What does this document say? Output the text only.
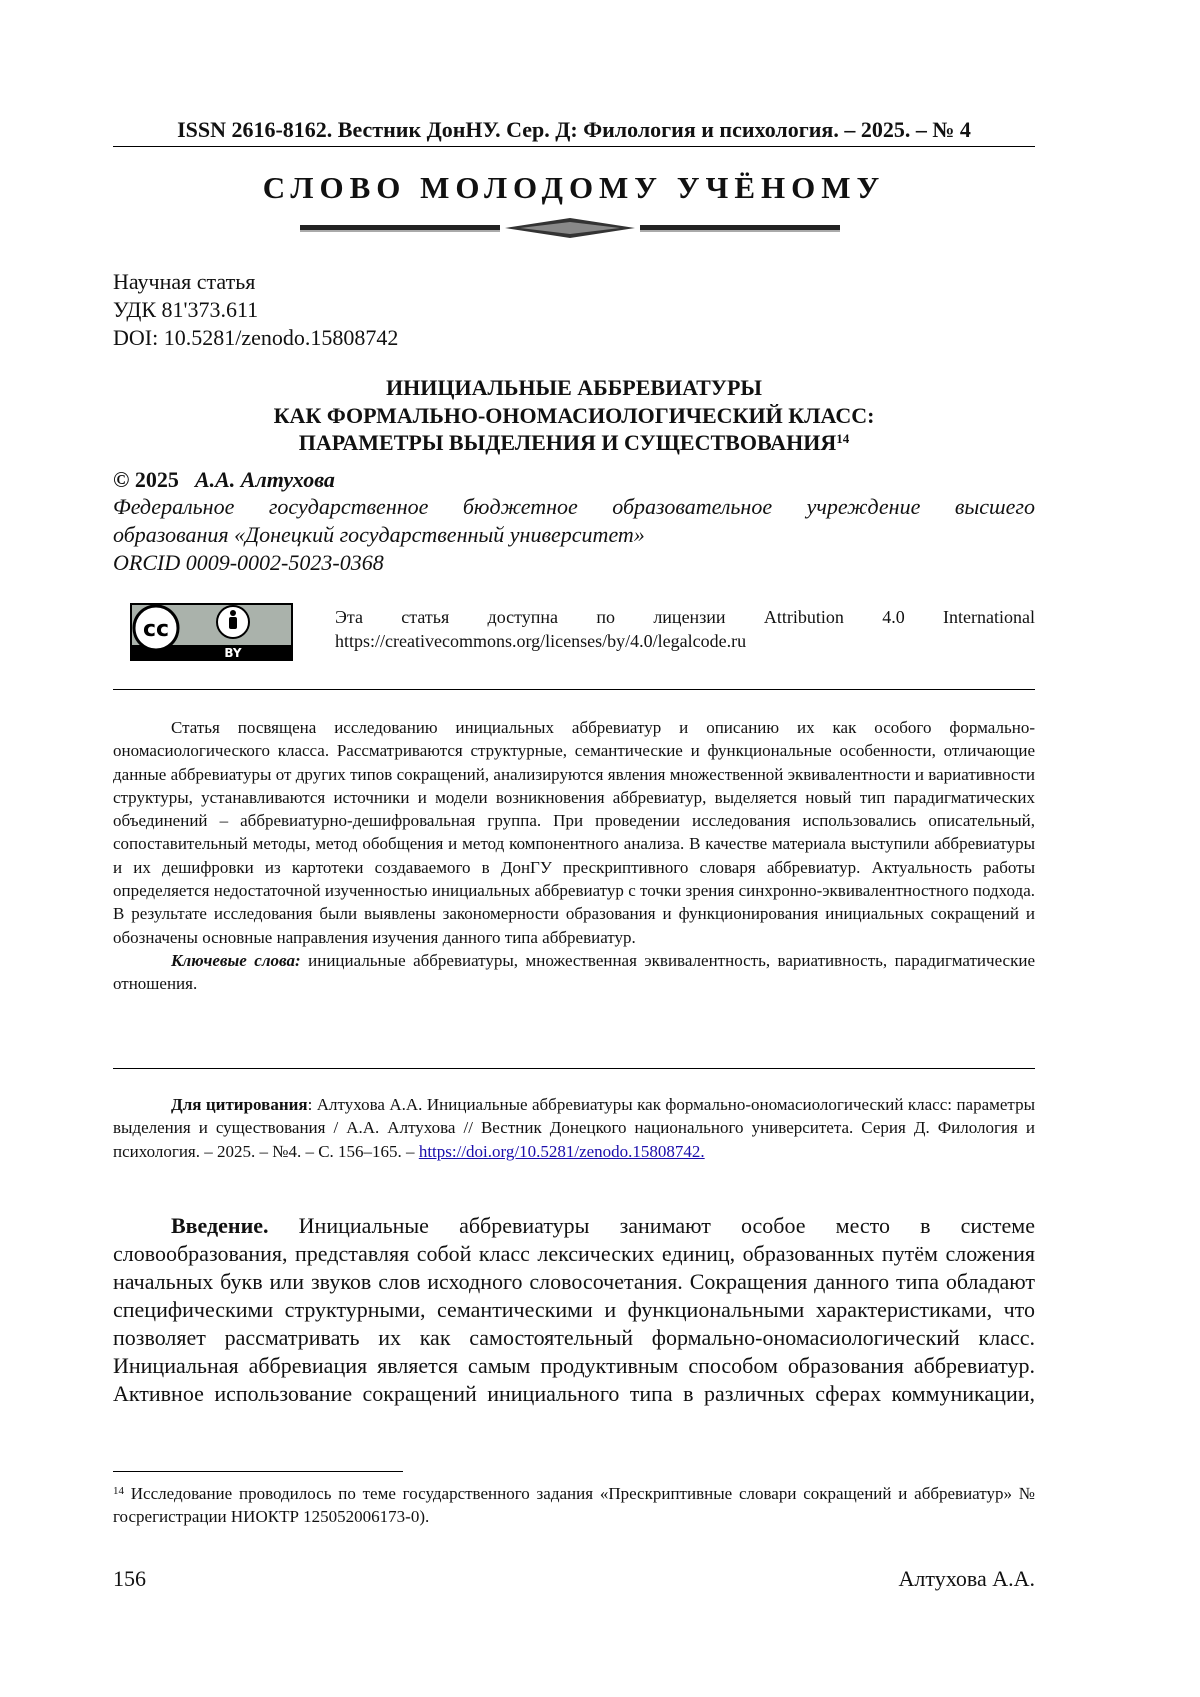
ISSN 2616-8162. Вестник ДонНУ. Сер. Д: Филология и психология. – 2025. – № 4
СЛОВО МОЛОДОМУ УЧЁНОМУ
Научная статья
УДК 81'373.611
DOI: 10.5281/zenodo.15808742
ИНИЦИАЛЬНЫЕ АББРЕВИАТУРЫ
КАК ФОРМАЛЬНО-ОНОМАСИОЛОГИЧЕСКИЙ КЛАСС:
ПАРАМЕТРЫ ВЫДЕЛЕНИЯ И СУЩЕСТВОВАНИЯ$^{14}$
© 2025 А.А. Алтухова
Федеральное государственное бюджетное образовательное учреждение высшего
образования «Донецкий государственный университет»
ORCID 0009-0002-5023-0368
cc
BY
Эта статья доступна по лицензии Attribution 4.0 International
https://creativecommons.org/licenses/by/4.0/legalcode.ru

Статья посвящена исследованию инициальных аббревиатур и описанию их как особого формально-ономасиологического класса. Рассматриваются структурные, семантические и функциональные особенности, отличающие данные аббревиатуры от других типов сокращений, анализируются явления множественной эквивалентности и вариативности структуры, устанавливаются источники и модели возникновения аббревиатур, выделяется новый тип парадигматических объединений – аббревиатурно-дешифровальная группа. При проведении исследования использовались описательный, сопоставительный методы, метод обобщения и метод компонентного анализа. В качестве материала выступили аббревиатуры и их дешифровки из картотеки создаваемого в ДонГУ прескриптивного словаря аббревиатур. Актуальность работы определяется недостаточной изученностью инициальных аббревиатур с точки зрения синхронно-эквивалентностного подхода. В результате исследования были выявлены закономерности образования и функционирования инициальных сокращений и обозначены основные направления изучения данного типа аббревиатур.

Ключевые слова: инициальные аббревиатуры, множественная эквивалентность, вариативность, парадигматические отношения.

Для цитирования: Алтухова А.А. Инициальные аббревиатуры как формально-ономасиологический класс: параметры выделения и существования / А.А. Алтухова // Вестник Донецкого национального университета. Серия Д. Филология и психология. – 2025. – №4. – С. 156–165. – https://doi.org/10.5281/zenodo.15808742.

Введение. Инициальные аббревиатуры занимают особое место в системе словообразования, представляя собой класс лексических единиц, образованных путём сложения начальных букв или звуков слов исходного словосочетания. Сокращения данного типа обладают специфическими структурными, семантическими и функциональными характеристиками, что позволяет рассматривать их как самостоятельный формально-ономасиологический класс. Инициальная аббревиация является самым продуктивным способом образования аббревиатур. Активное использование сокращений инициального типа в различных сферах коммуникации,

$^{14}$ Исследование проводилось по теме государственного задания «Прескриптивные словари сокращений и аббревиатур» № госрегистрации НИОКТР 125052006173-0).
156	Алтухова А.А.
